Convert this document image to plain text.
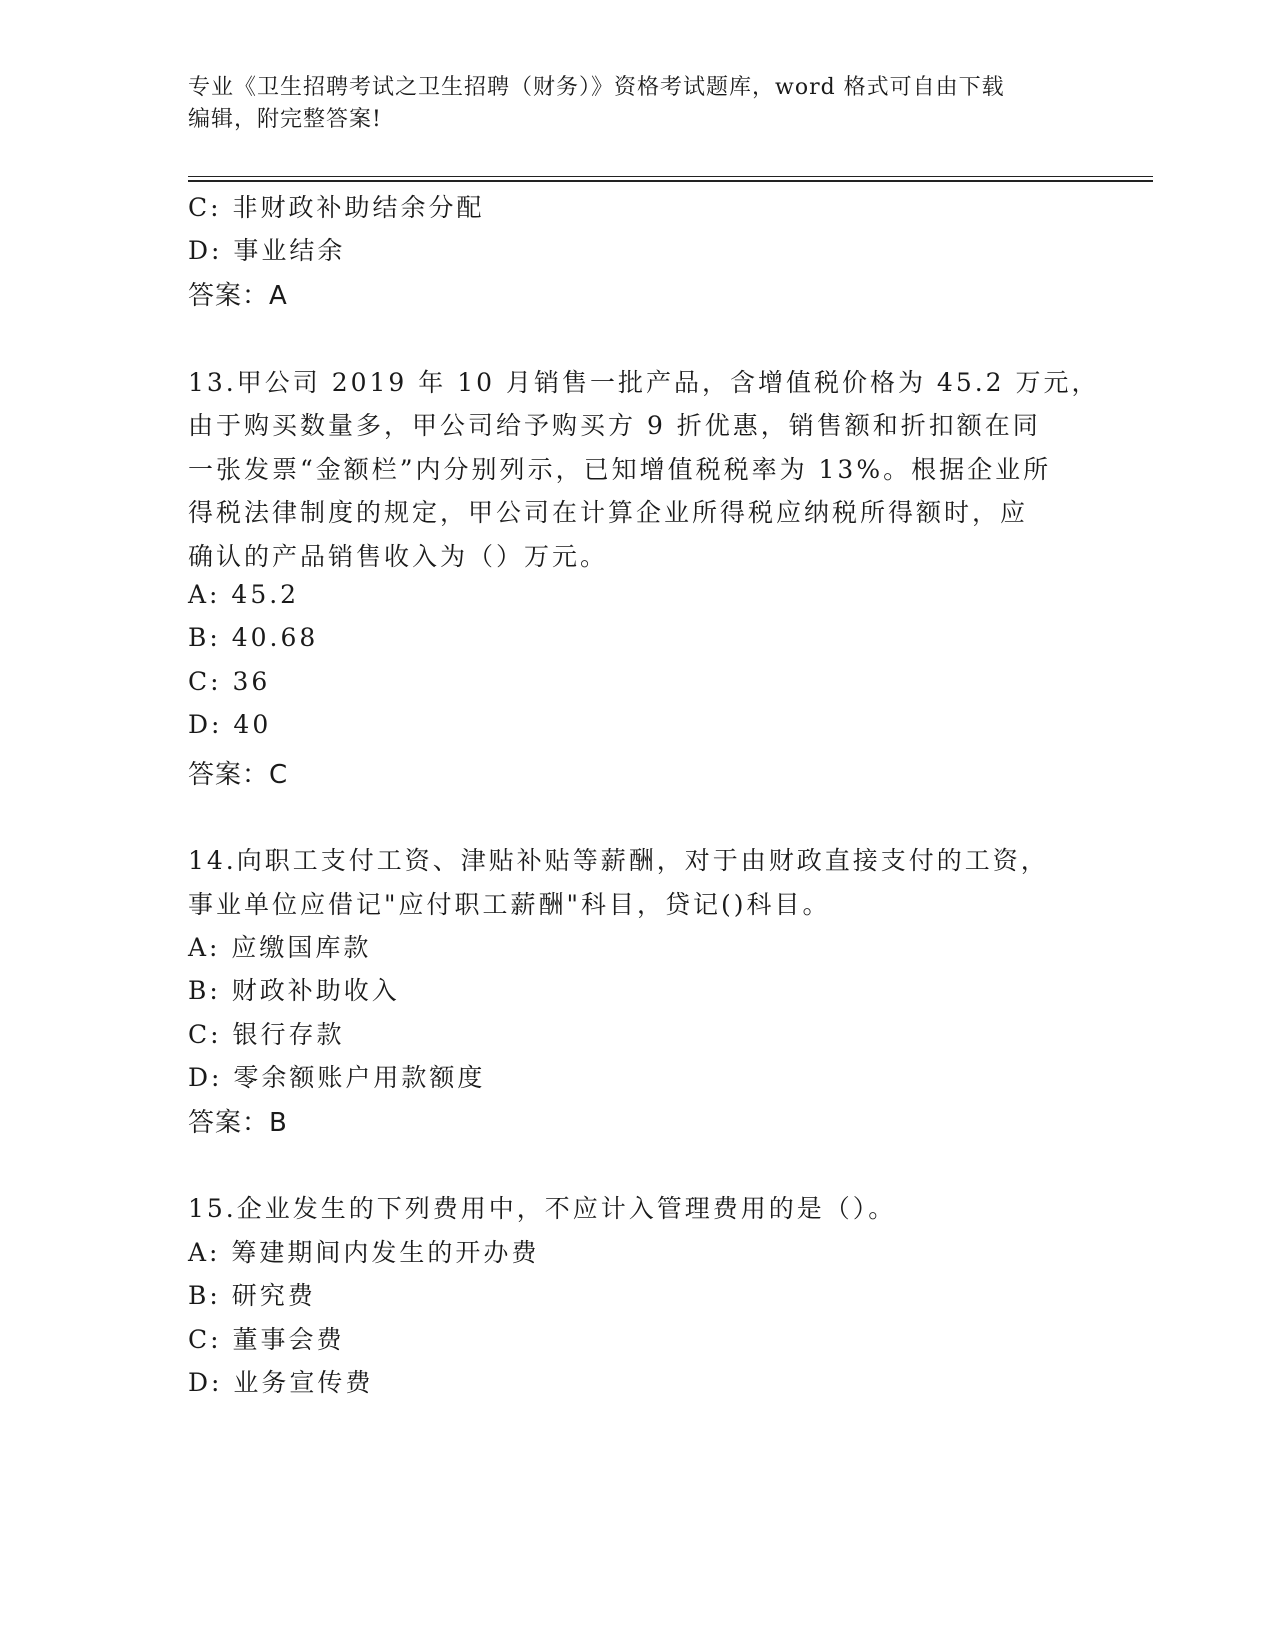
专业《卫生招聘考试之卫生招聘（财务）》资格考试题库，word 格式可自由下载
编辑，附完整答案!
C: 非财政补助结余分配
D: 事业结余
答案：A
13.甲公司 2019 年 10 月销售一批产品，含增值税价格为 45.2 万元，
由于购买数量多，甲公司给予购买方 9 折优惠，销售额和折扣额在同
一张发票“金额栏”内分别列示，已知增值税税率为 13%。根据企业所
得税法律制度的规定，甲公司在计算企业所得税应纳税所得额时，应
确认的产品销售收入为（）万元。
A: 45.2
B: 40.68
C: 36
D: 40
答案：C
14.向职工支付工资、津贴补贴等薪酬，对于由财政直接支付的工资，
事业单位应借记"应付职工薪酬"科目，贷记()科目。
A: 应缴国库款
B: 财政补助收入
C: 银行存款
D: 零余额账户用款额度
答案：B
15.企业发生的下列费用中，不应计入管理费用的是（）。
A: 筹建期间内发生的开办费
B: 研究费
C: 董事会费
D: 业务宣传费
